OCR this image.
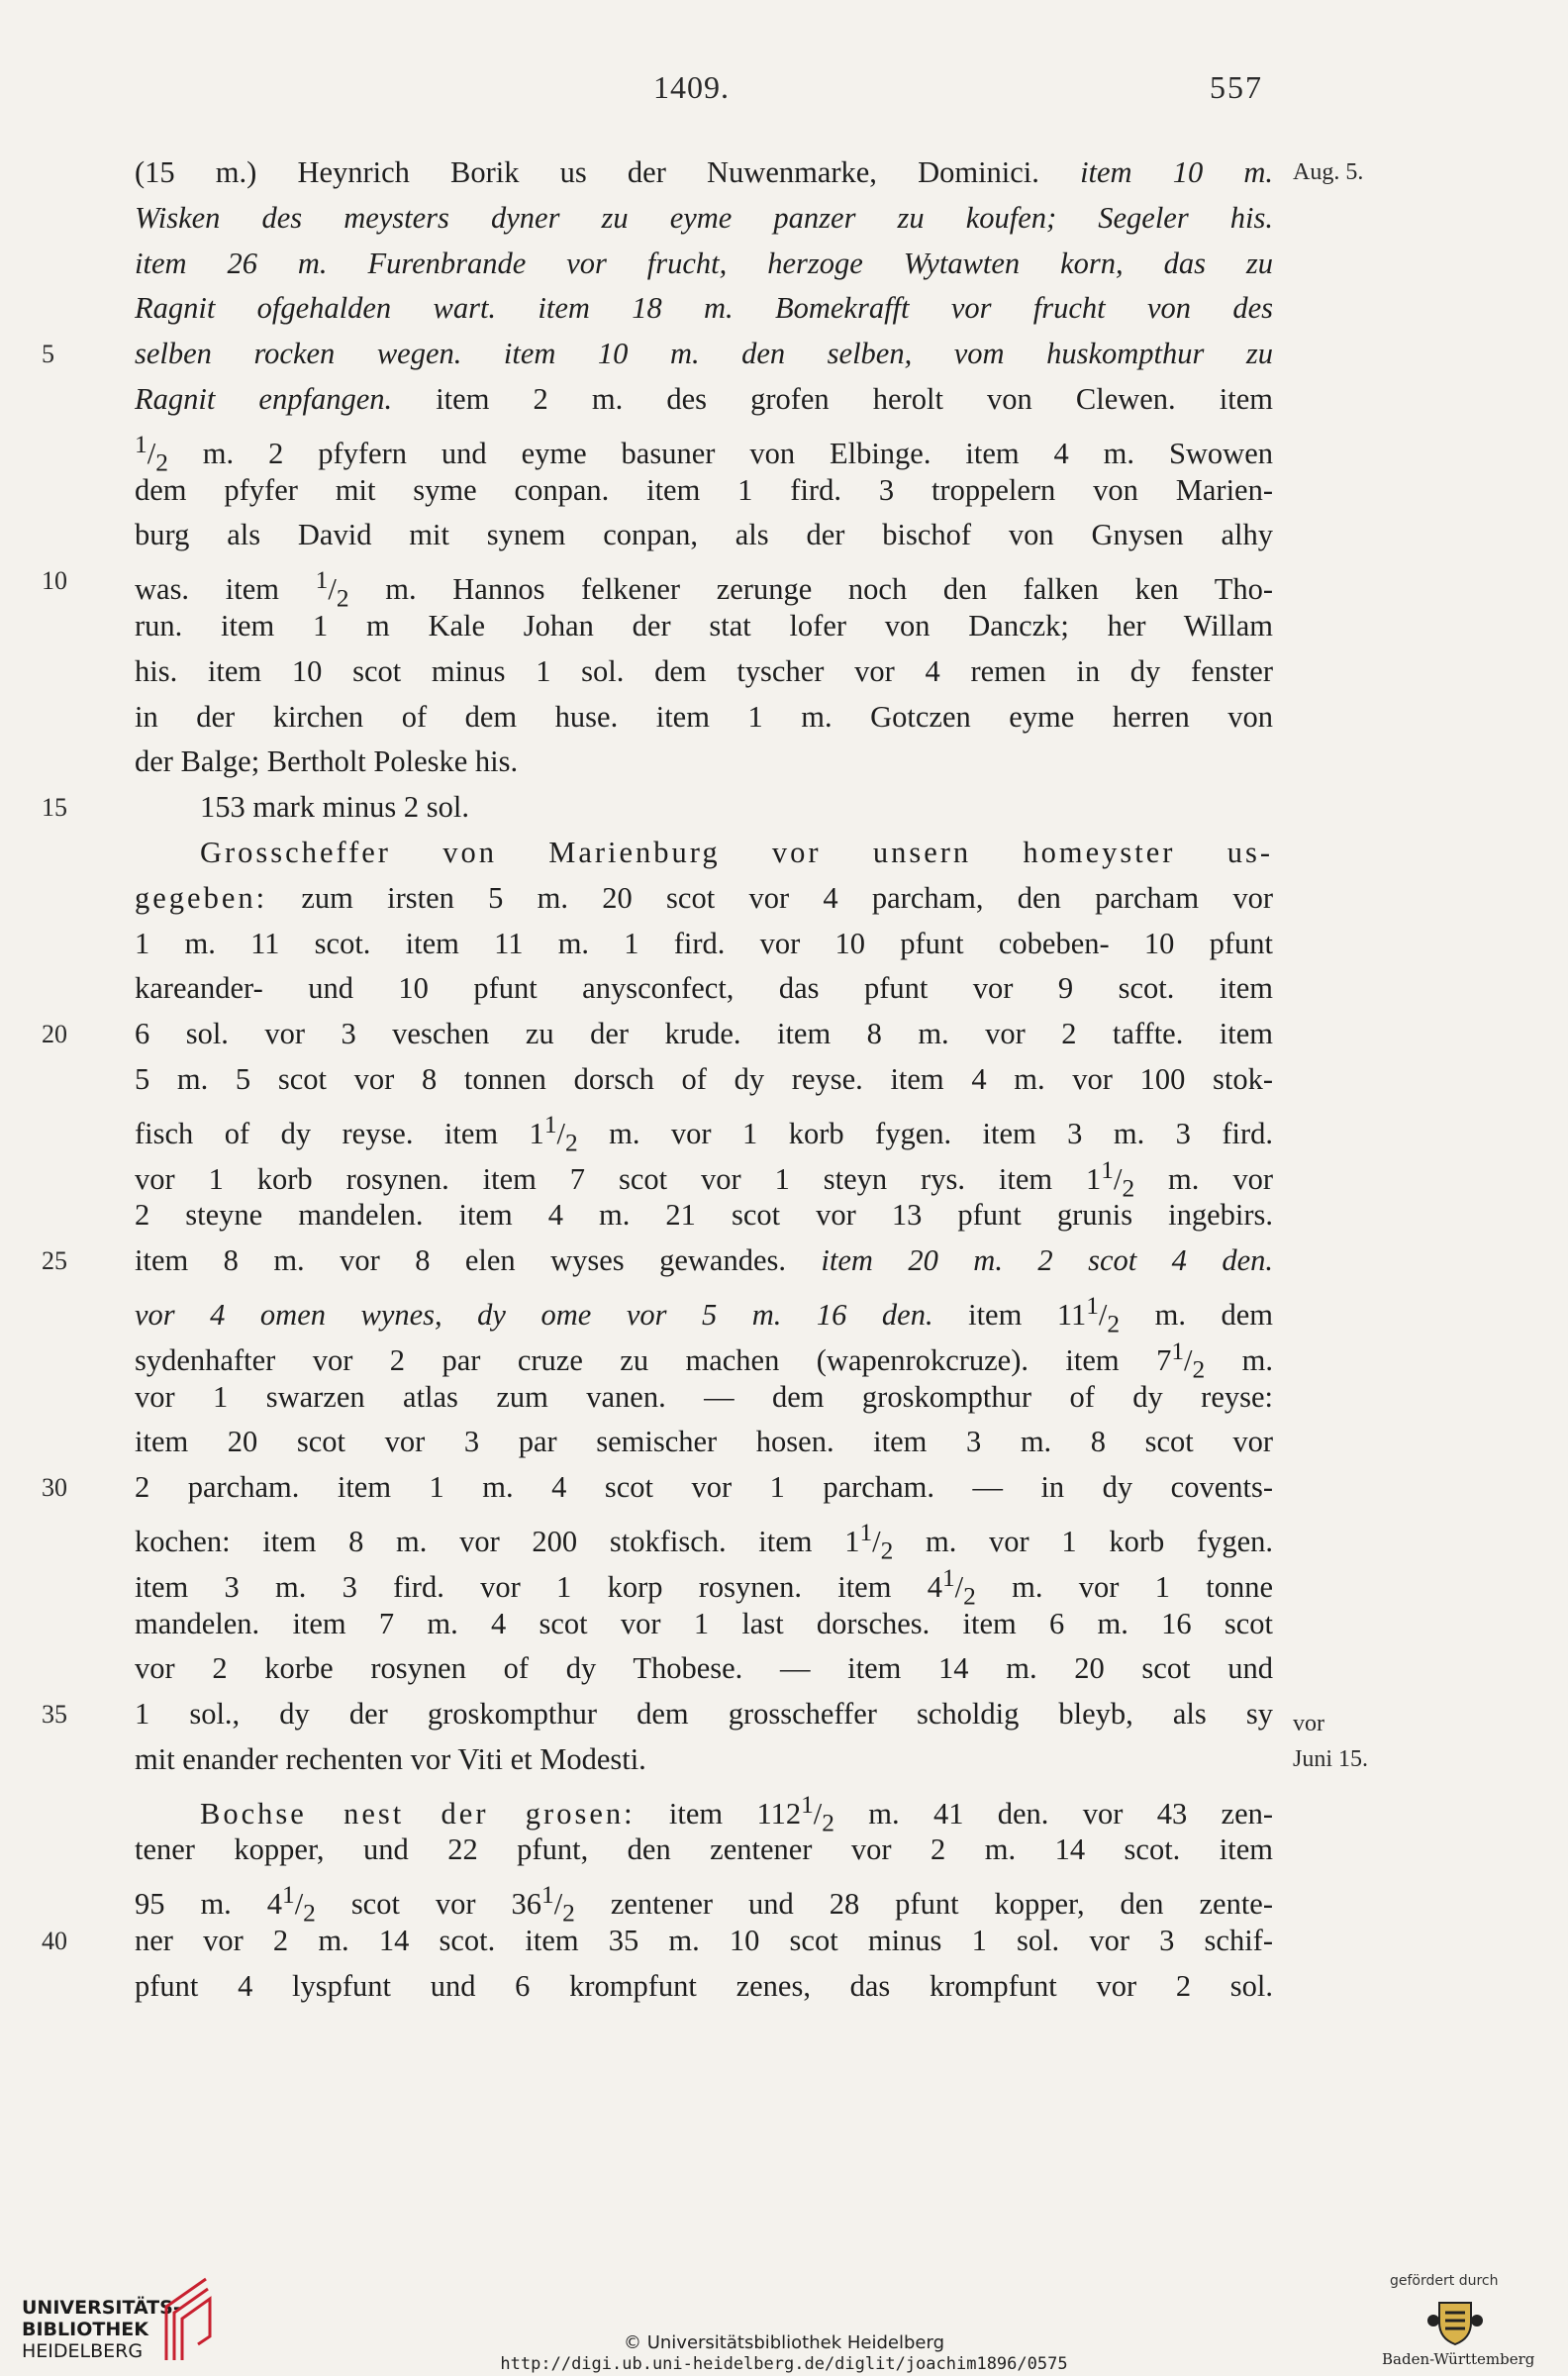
1409.	557
(15 m.) Heynrich Borik us der Nuwenmarke, Dominici. item 10 m. Aug. 5.
Wisken des meysters dyner zu eyme panzer zu koufen; Segeler his.
item 26 m. Furenbrande vor frucht, herzoge Wytawten korn, das zu
Ragnit ofgehalden wart. item 18 m. Bomekrafft vor frucht von des
5	selben rocken wegen. item 10 m. den selben, vom huskompthur zu
Ragnit enpfangen. item 2 m. des grofen herolt von Clewen. item
$^1/_2$ m. 2 pfyfern und eyme basuner von Elbinge. item 4 m. Swowen
dem pfyfer mit syme conpan. item 1 fird. 3 troppelern von Marien-
burg als David mit synem conpan, als der bischof von Gnysen alhy
10	was. item $^1/_2$ m. Hannos felkener zerunge noch den falken ken Tho-
run. item 1 m Kale Johan der stat lofer von Danczk; her Willam
his. item 10 scot minus 1 sol. dem tyscher vor 4 remen in dy fenster
in der kirchen of dem huse. item 1 m. Gotczen eyme herren von
der Balge; Bertholt Poleske his.
15	153 mark minus 2 sol.
Grosscheffer von Marienburg vor unsern homeyster us-
gegeben: zum irsten 5 m. 20 scot vor 4 parcham, den parcham vor
1 m. 11 scot. item 11 m. 1 fird. vor 10 pfunt cobeben- 10 pfunt
kareander- und 10 pfunt anysconfect, das pfunt vor 9 scot. item
20	6 sol. vor 3 veschen zu der krude. item 8 m. vor 2 taffte. item
5 m. 5 scot vor 8 tonnen dorsch of dy reyse. item 4 m. vor 100 stok-
fisch of dy reyse. item $1^1/_2$ m. vor 1 korb fygen. item 3 m. 3 fird.
vor 1 korb rosynen. item 7 scot vor 1 steyn rys. item $1^1/_2$ m. vor
2 steyne mandelen. item 4 m. 21 scot vor 13 pfunt grunis ingebirs.
25	item 8 m. vor 8 elen wyses gewandes. item 20 m. 2 scot 4 den.
vor 4 omen wynes, dy ome vor 5 m. 16 den. item $11^1/_2$ m. dem
sydenhafter vor 2 par cruze zu machen (wapenrokcruze). item $7^1/_2$ m.
vor 1 swarzen atlas zum vanen. — dem groskompthur of dy reyse:
item 20 scot vor 3 par semischer hosen. item 3 m. 8 scot vor
30	2 parcham. item 1 m. 4 scot vor 1 parcham. — in dy covents-
kochen: item 8 m. vor 200 stokfisch. item $1^1/_2$ m. vor 1 korb fygen.
item 3 m. 3 fird. vor 1 korp rosynen. item $4^1/_2$ m. vor 1 tonne
mandelen. item 7 m. 4 scot vor 1 last dorsches. item 6 m. 16 scot
vor 2 korbe rosynen of dy Thobese. — item 14 m. 20 scot und
35	1 sol., dy der groskompthur dem grosscheffer scholdig bleyb, als sy vor
mit enander rechenten vor Viti et Modesti.	Juni 15.
Bochse nest der grosen: item $112^1/_2$ m. 41 den. vor 43 zen-
tener kopper, und 22 pfunt, den zentener vor 2 m. 14 scot. item
95 m. $4^1/_2$ scot vor $36^1/_2$ zentener und 28 pfunt kopper, den zente-
40	ner vor 2 m. 14 scot. item 35 m. 10 scot minus 1 sol. vor 3 schif-
pfunt 4 lyspfunt und 6 krompfunt zenes, das krompfunt vor 2 sol.
UNIVERSITÄTS-
BIBLIOTHEK
HEIDELBERG	© Universitätsbibliothek Heidelberg
http://digi.ub.uni-heidelberg.de/diglit/joachim1896/0575
gefördert durch
Baden-Württemberg
